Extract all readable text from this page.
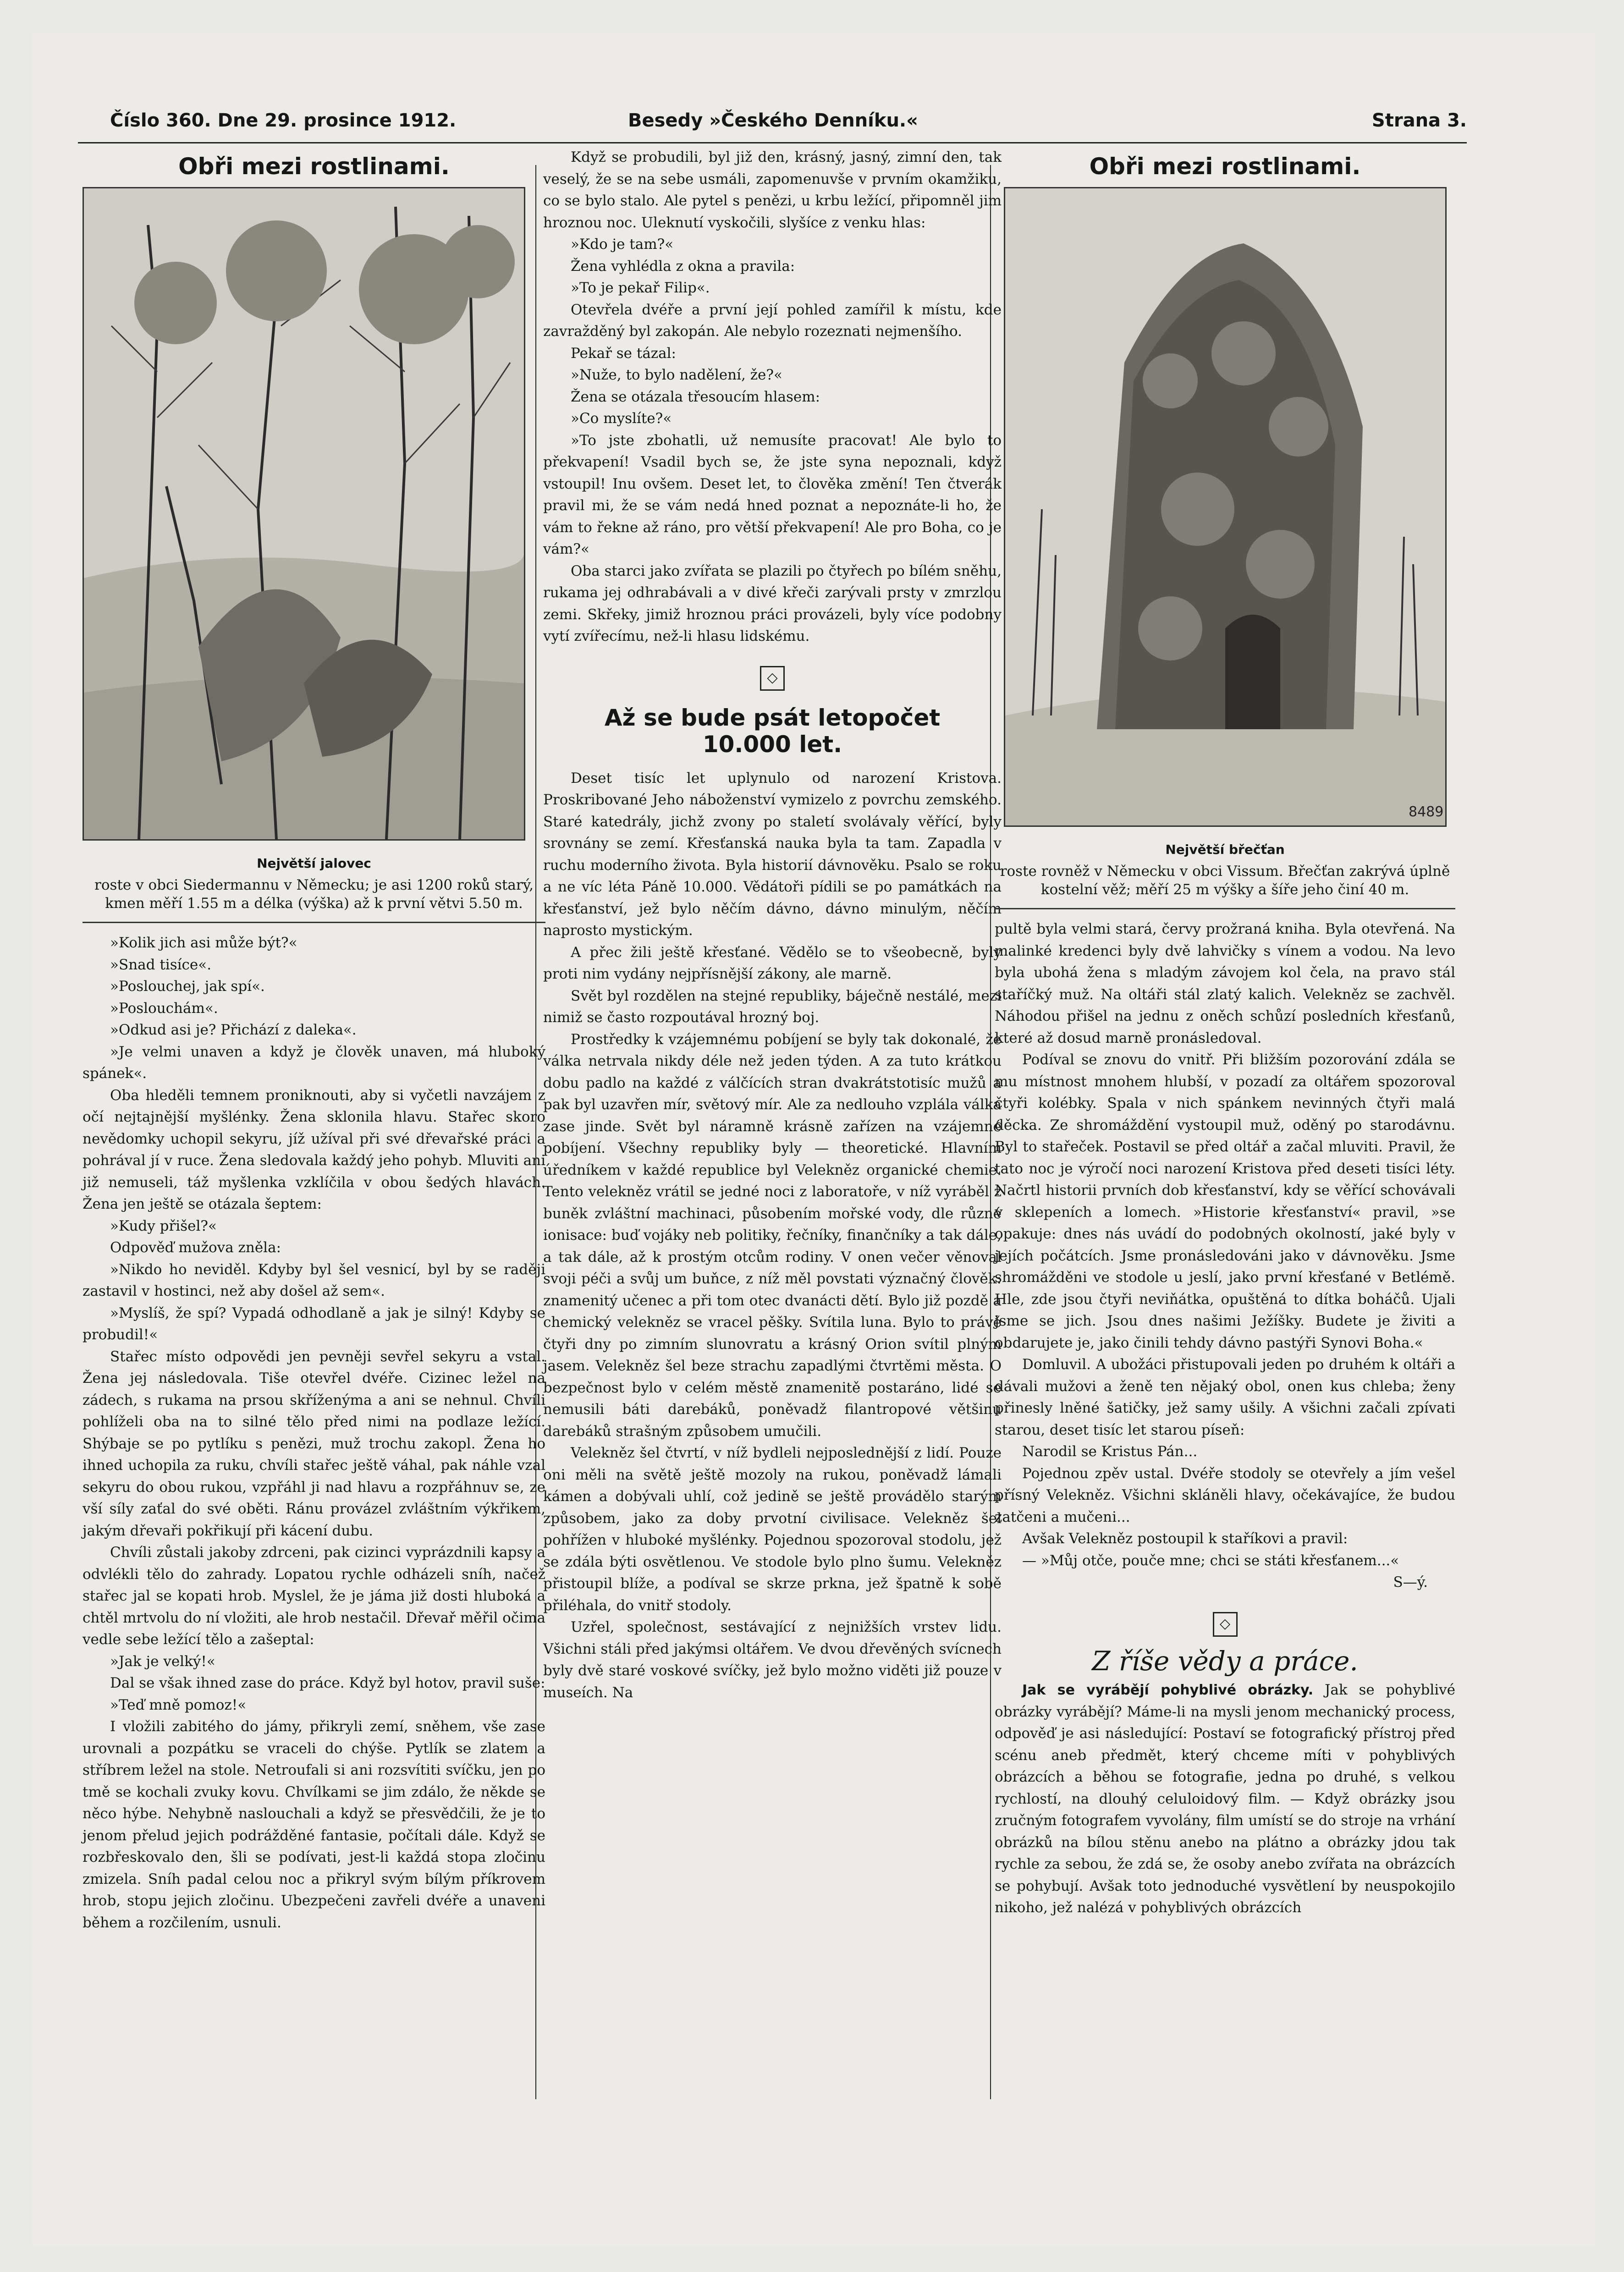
Číslo 360. Dne 29. prosince 1912.	Besedy »Českého Denníku.«	Strana 3.
Obři mezi rostlinami.
Největší jalovec
roste v obci Siedermannu v Německu; je asi 1200 roků starý, kmen měří 1.55 m a délka (výška) až k první větvi 5.50 m.

»Kolik jich asi může být?«

»Snad tisíce«.

»Poslouchej, jak spí«.

»Poslouchám«.

»Odkud asi je? Přichází z daleka«.

»Je velmi unaven a když je člověk unaven, má hluboký spánek«.

Oba hleděli temnem proniknouti, aby si vyčetli navzájem z očí nejtajnější myšlénky. Žena sklonila hlavu. Stařec skoro nevědomky uchopil sekyru, jíž užíval při své dřevařské práci a pohrával jí v ruce. Žena sledovala každý jeho pohyb. Mluviti ani již nemuseli, táž myšlenka vzklíčila v obou šedých hlavách. Žena jen ještě se otázala šeptem:

»Kudy přišel?«

Odpověď mužova zněla:

»Nikdo ho neviděl. Kdyby byl šel vesnicí, byl by se raději zastavil v hostinci, než aby došel až sem«.

»Myslíš, že spí? Vypadá odhodlaně a jak je silný! Kdyby se probudil!«

Stařec místo odpovědi jen pevněji sevřel sekyru a vstal. Žena jej následovala. Tiše otevřel dvéře. Cizinec ležel na zádech, s rukama na prsou skříženýma a ani se nehnul. Chvíli pohlíželi oba na to silné tělo před nimi na podlaze ležící. Shýbaje se po pytlíku s penězi, muž trochu zakopl. Žena ho ihned uchopila za ruku, chvíli stařec ještě váhal, pak náhle vzal sekyru do obou rukou, vzpřáhl ji nad hlavu a rozpřáhnuv se, ze vší síly zaťal do své oběti. Ránu provázel zvláštním výkřikem, jakým dřevaři pokřikují při kácení dubu.

Chvíli zůstali jakoby zdrceni, pak cizinci vyprázdnili kapsy a odvlékli tělo do zahrady. Lopatou rychle odházeli sníh, načež stařec jal se kopati hrob. Myslel, že je jáma již dosti hluboká a chtěl mrtvolu do ní vložiti, ale hrob nestačil. Dřevař měřil očima vedle sebe ležící tělo a zašeptal:

»Jak je velký!«

Dal se však ihned zase do práce. Když byl hotov, pravil suše:

»Teď mně pomoz!«

I vložili zabitého do jámy, přikryli zemí, sněhem, vše zase urovnali a pozpátku se vraceli do chýše. Pytlík se zlatem a stříbrem ležel na stole. Netroufali si ani rozsvítiti svíčku, jen po tmě se kochali zvuky kovu. Chvílkami se jim zdálo, že někde se něco hýbe. Nehybně naslouchali a když se přesvědčili, že je to jenom přelud jejich podrážděné fantasie, počítali dále. Když se rozbřeskovalo den, šli se podívati, jest-li každá stopa zločinu zmizela. Sníh padal celou noc a přikryl svým bílým příkrovem hrob, stopu jejich zločinu. Ubezpečeni zavřeli dvéře a unaveni během a rozčilením, usnuli.

Když se probudili, byl již den, krásný, jasný, zimní den, tak veselý, že se na sebe usmáli, zapomenuvše v prvním okamžiku, co se bylo stalo. Ale pytel s penězi, u krbu ležící, připomněl jim hroznou noc. Uleknutí vyskočili, slyšíce z venku hlas:

»Kdo je tam?«

Žena vyhlédla z okna a pravila:

»To je pekař Filip«.

Otevřela dvéře a první její pohled zamířil k místu, kde zavražděný byl zakopán. Ale nebylo rozeznati nejmenšího.

Pekař se tázal:

»Nuže, to bylo nadělení, že?«

Žena se otázala třesoucím hlasem:

»Co myslíte?«

»To jste zbohatli, už nemusíte pracovat! Ale bylo to překvapení! Vsadil bych se, že jste syna nepoznali, když vstoupil! Inu ovšem. Deset let, to člověka změní! Ten čtverák pravil mi, že se vám nedá hned poznat a nepoznáte-li ho, že vám to řekne až ráno, pro větší překvapení! Ale pro Boha, co je vám?«

Oba starci jako zvířata se plazili po čtyřech po bílém sněhu, rukama jej odhrabávali a v divé křeči zarývali prsty v zmrzlou zemi. Skřeky, jimiž hroznou práci provázeli, byly více podobny vytí zvířecímu, než-li hlasu lidskému.

◇
Až se bude psát letopočet
10.000 let.

Deset tisíc let uplynulo od narození Kristova. Proskribované Jeho náboženství vymizelo z povrchu zemského. Staré katedrály, jichž zvony po staletí svolávaly věřící, byly srovnány se zemí. Křesťanská nauka byla ta tam. Zapadla v ruchu moderního života. Byla historií dávnověku. Psalo se roku a ne víc léta Páně 10.000. Vědátoři pídili se po památkách na křesťanství, jež bylo něčím dávno, dávno minulým, něčím naprosto mystickým.

A přec žili ještě křesťané. Vědělo se to všeobecně, byly proti nim vydány nejpřísnější zákony, ale marně.

Svět byl rozdělen na stejné republiky, báječně nestálé, mezi nimiž se často rozpoutával hrozný boj.

Prostředky k vzájemnému pobíjení se byly tak dokonalé, že válka netrvala nikdy déle než jeden týden. A za tuto krátkou dobu padlo na každé z válčících stran dvakrátstotisíc mužů a pak byl uzavřen mír, světový mír. Ale za nedlouho vzplála válka zase jinde. Svět byl náramně krásně zařízen na vzájemné pobíjení. Všechny republiky byly — theoretické. Hlavním úředníkem v každé republice byl Velekněz organické chemie. Tento velekněz vrátil se jedné noci z laboratoře, v níž vyráběl z buněk zvláštní machinaci, působením mořské vody, dle různé ionisace: buď vojáky neb politiky, řečníky, finančníky a tak dále, a tak dále, až k prostým otcům rodiny. V onen večer věnoval svoji péči a svůj um buňce, z níž měl povstati význačný člověk: znamenitý učenec a při tom otec dvanácti dětí. Bylo již pozdě a chemický velekněz se vracel pěšky. Svítila luna. Bylo to právě čtyři dny po zimním slunovratu a krásný Orion svítil plným jasem. Velekněz šel beze strachu zapadlými čtvrtěmi města. O bezpečnost bylo v celém městě znamenitě postaráno, lidé se nemusili báti darebáků, poněvadž filantropové většinu darebáků strašným způsobem umučili.

Velekněz šel čtvrtí, v níž bydleli nejposlednější z lidí. Pouze oni měli na světě ještě mozoly na rukou, poněvadž lámali kámen a dobývali uhlí, což jedině se ještě provádělo starým způsobem, jako za doby prvotní civilisace. Velekněz šel pohřížen v hluboké myšlénky. Pojednou spozoroval stodolu, jež se zdála býti osvětlenou. Ve stodole bylo plno šumu. Velekněz přistoupil blíže, a podíval se skrze prkna, jež špatně k sobě přiléhala, do vnitř stodoly.

Uzřel, společnost, sestávající z nejnižších vrstev lidu. Všichni stáli před jakýmsi oltářem. Ve dvou dřevěných svícnech byly dvě staré voskové svíčky, jež bylo možno viděti již pouze v museích. Na

Obři mezi rostlinami.
8489
Největší břečťan
roste rovněž v Německu v obci Vissum. Břečťan zakrývá úplně kostelní věž; měří 25 m výšky a šíře jeho činí 40 m.

pultě byla velmi stará, červy prožraná kniha. Byla otevřená. Na malinké kredenci byly dvě lahvičky s vínem a vodou. Na levo byla ubohá žena s mladým závojem kol čela, na pravo stál staříčký muž. Na oltáři stál zlatý kalich. Velekněz se zachvěl. Náhodou přišel na jednu z oněch schůzí posledních křesťanů, které až dosud marně pronásledoval.

Podíval se znovu do vnitř. Při bližším pozorování zdála se mu místnost mnohem hlubší, v pozadí za oltářem spozoroval čtyři kolébky. Spala v nich spánkem nevinných čtyři malá děcka. Ze shromáždění vystoupil muž, oděný po starodávnu. Byl to stařeček. Postavil se před oltář a začal mluviti. Pravil, že tato noc je výročí noci narození Kristova před deseti tisíci léty. Načrtl historii prvních dob křesťanství, kdy se věřící schovávali v sklepeních a lomech. »Historie křesťanství« pravil, »se opakuje: dnes nás uvádí do podobných okolností, jaké byly v jejích počátcích. Jsme pronásledováni jako v dávnověku. Jsme shromážděni ve stodole u jeslí, jako první křesťané v Betlémě. Hle, zde jsou čtyři neviňátka, opuštěná to dítka boháčů. Ujali jsme se jich. Jsou dnes našimi Ježíšky. Budete je živiti a obdarujete je, jako činili tehdy dávno pastýři Synovi Boha.«

Domluvil. A ubožáci přistupovali jeden po druhém k oltáři a dávali mužovi a ženě ten nějaký obol, onen kus chleba; ženy přinesly lněné šatičky, jež samy ušily. A všichni začali zpívati starou, deset tisíc let starou píseň:

Narodil se Kristus Pán...

Pojednou zpěv ustal. Dvéře stodoly se otevřely a jím vešel přísný Velekněz. Všichni skláněli hlavy, očekávajíce, že budou zatčeni a mučeni...

Avšak Velekněz postoupil k staříkovi a pravil:

— »Můj otče, pouče mne; chci se státi křesťanem...«

S—ý.
◇
Z říše vědy a práce.

Jak se vyrábějí pohyblivé obrázky. Jak se pohyblivé obrázky vyrábějí? Máme-li na mysli jenom mechanický process, odpověď je asi následující: Postaví se fotografický přístroj před scénu aneb předmět, který chceme míti v pohyblivých obrázcích a běhou se fotografie, jedna po druhé, s velkou rychlostí, na dlouhý celuloidový film. — Když obrázky jsou zručným fotografem vyvolány, film umístí se do stroje na vrhání obrázků na bílou stěnu anebo na plátno a obrázky jdou tak rychle za sebou, že zdá se, že osoby anebo zvířata na obrázcích se pohybují. Avšak toto jednoduché vysvětlení by neuspokojilo nikoho, jež nalézá v pohyblivých obrázcích
